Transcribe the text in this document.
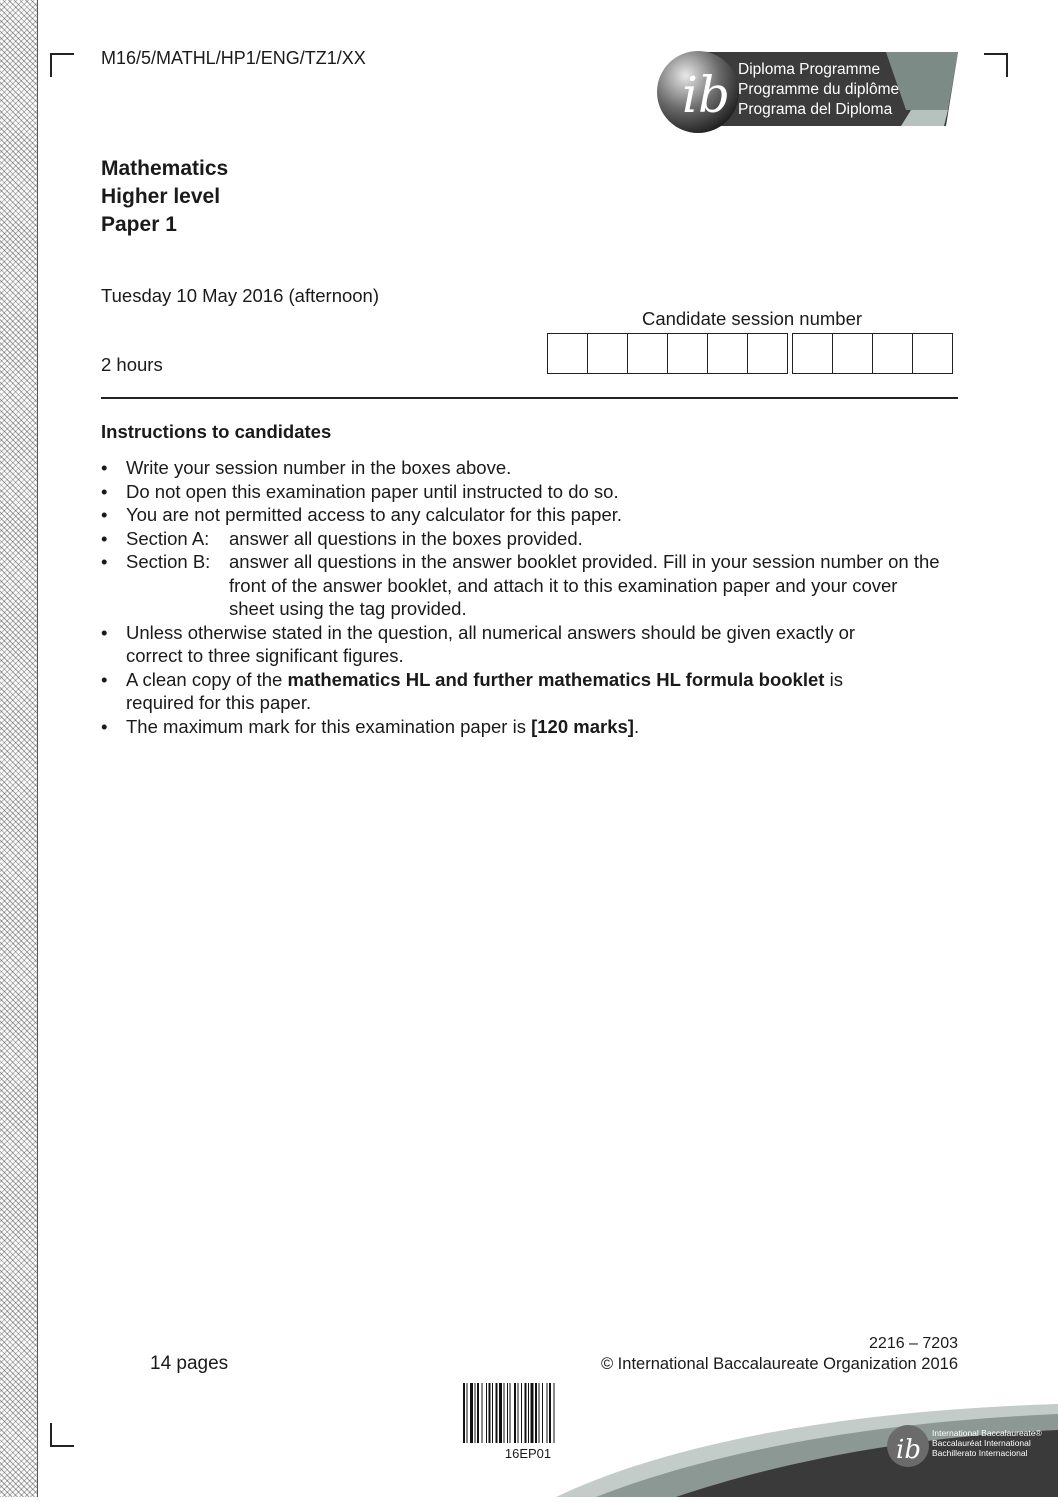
M16/5/MATHL/HP1/ENG/TZ1/XX
ib Diploma Programme
Programme du diplôme
Programa del Diploma
Mathematics
Higher level
Paper 1
Tuesday 10 May 2016 (afternoon)
2 hours
Candidate session number
Instructions to candidates
• Write your session number in the boxes above.
• Do not open this examination paper until instructed to do so.
• You are not permitted access to any calculator for this paper.
• Section A:	answer all questions in the boxes provided.
• Section B:	answer all questions in the answer booklet provided. Fill in your session number on the front of the answer booklet, and attach it to this examination paper and your cover sheet using the tag provided.
• Unless otherwise stated in the question, all numerical answers should be given exactly or correct to three significant figures.
• A clean copy of the mathematics HL and further mathematics HL formula booklet is required for this paper.
• The maximum mark for this examination paper is [120 marks].
14 pages
2216 – 7203
© International Baccalaureate Organization 2016
16EP01	ib
International Baccalaureate®
Baccalauréat International
Bachillerato Internacional
